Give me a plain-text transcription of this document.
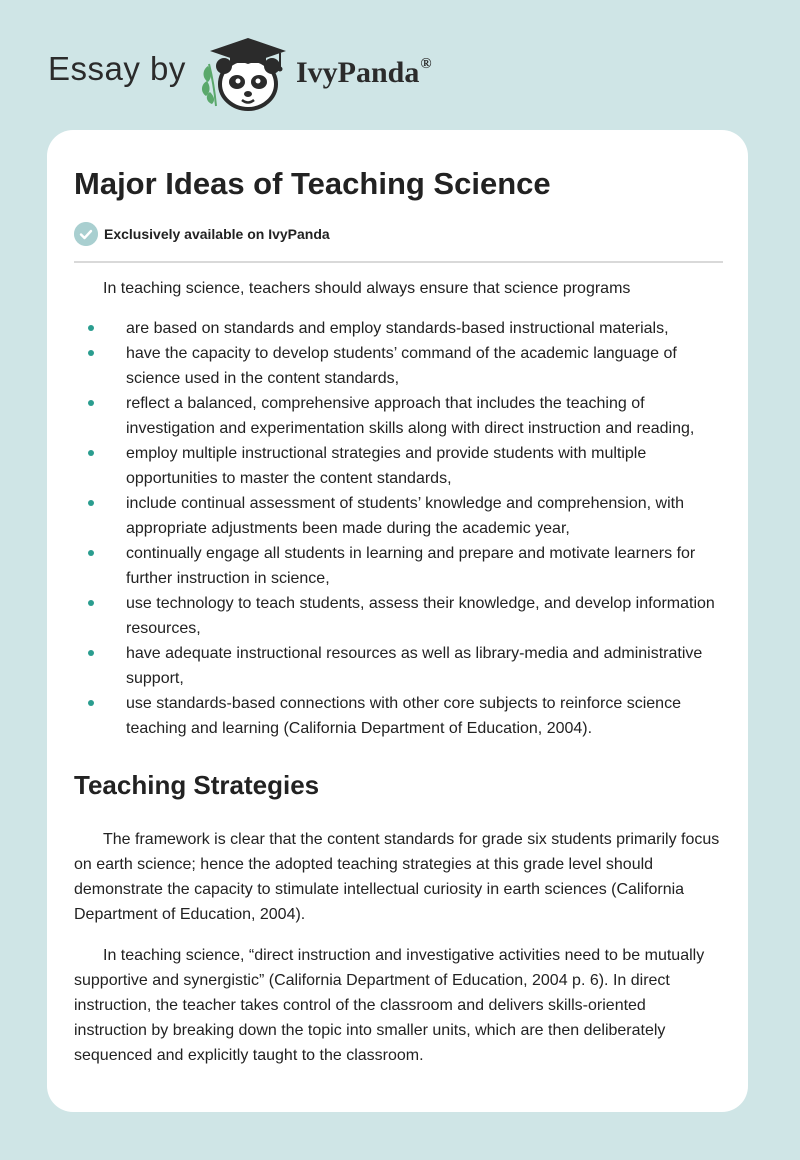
Essay by	IvyPanda®
Major Ideas of Teaching Science
Exclusively available on IvyPanda

In teaching science, teachers should always ensure that science programs

are based on standards and employ standards-based instructional materials,
have the capacity to develop students’ command of the academic language of science used in the content standards,
reflect a balanced, comprehensive approach that includes the teaching of investigation and experimentation skills along with direct instruction and reading,
employ multiple instructional strategies and provide students with multiple opportunities to master the content standards,
include continual assessment of students’ knowledge and comprehension, with appropriate adjustments been made during the academic year,
continually engage all students in learning and prepare and motivate learners for further instruction in science,
use technology to teach students, assess their knowledge, and develop information resources,
have adequate instructional resources as well as library-media and administrative support,
use standards-based connections with other core subjects to reinforce science teaching and learning (California Department of Education, 2004).
Teaching Strategies

The framework is clear that the content standards for grade six students primarily focus on earth science; hence the adopted teaching strategies at this grade level should demonstrate the capacity to stimulate intellectual curiosity in earth sciences (California Department of Education, 2004).

In teaching science, “direct instruction and investigative activities need to be mutually supportive and synergistic” (California Department of Education, 2004 p. 6). In direct instruction, the teacher takes control of the classroom and delivers skills-oriented instruction by breaking down the topic into smaller units, which are then deliberately sequenced and explicitly taught to the classroom.
